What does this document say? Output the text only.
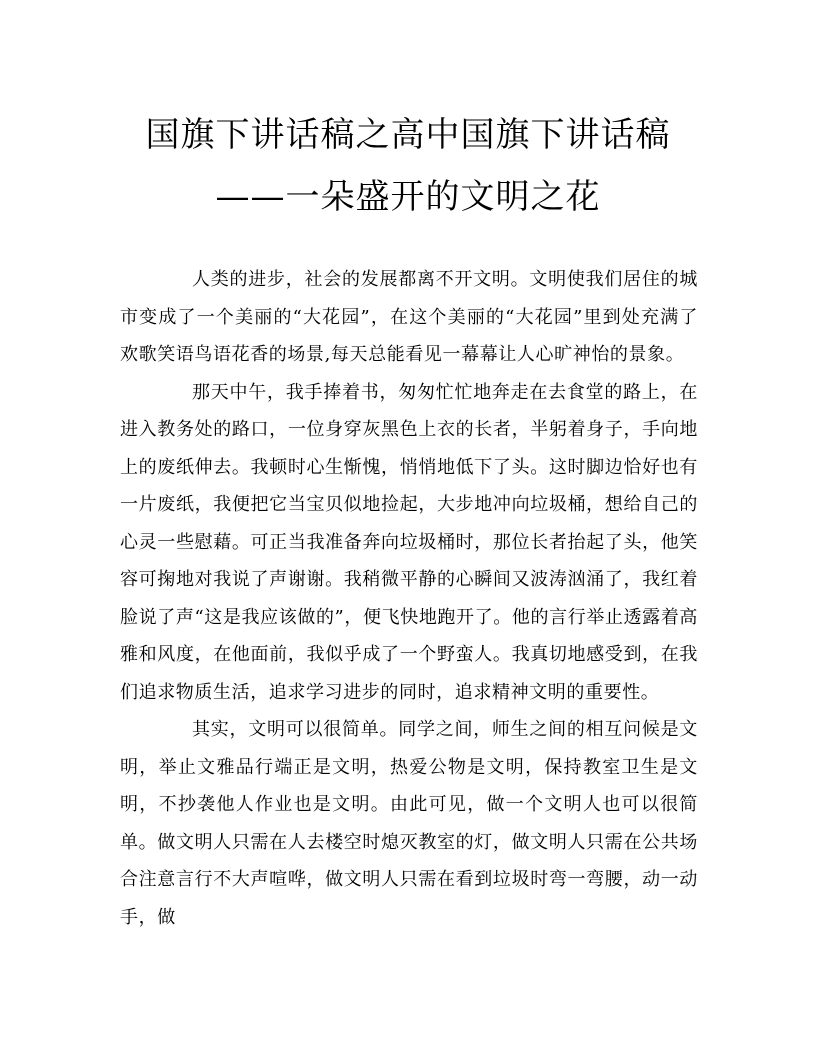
国旗下讲话稿之高中国旗下讲话稿
——一朵盛开的文明之花

人类的进步，社会的发展都离不开文明。文明使我们居住的城市变成了一个美丽的“大花园”，在这个美丽的“大花园”里到处充满了欢歌笑语鸟语花香的场景,每天总能看见一幕幕让人心旷神怡的景象。

那天中午，我手捧着书，匆匆忙忙地奔走在去食堂的路上，在进入教务处的路口，一位身穿灰黑色上衣的长者，半躬着身子，手向地上的废纸伸去。我顿时心生惭愧，悄悄地低下了头。这时脚边恰好也有一片废纸，我便把它当宝贝似地捡起，大步地冲向垃圾桶，想给自己的心灵一些慰藉。可正当我准备奔向垃圾桶时，那位长者抬起了头，他笑容可掬地对我说了声谢谢。我稍微平静的心瞬间又波涛汹涌了，我红着脸说了声“这是我应该做的”，便飞快地跑开了。他的言行举止透露着高雅和风度，在他面前，我似乎成了一个野蛮人。我真切地感受到，在我们追求物质生活，追求学习进步的同时，追求精神文明的重要性。

其实，文明可以很简单。同学之间，师生之间的相互问候是文明，举止文雅品行端正是文明，热爱公物是文明，保持教室卫生是文明，不抄袭他人作业也是文明。由此可见，做一个文明人也可以很简单。做文明人只需在人去楼空时熄灭教室的灯，做文明人只需在公共场合注意言行不大声喧哗，做文明人只需在看到垃圾时弯一弯腰，动一动手，做
